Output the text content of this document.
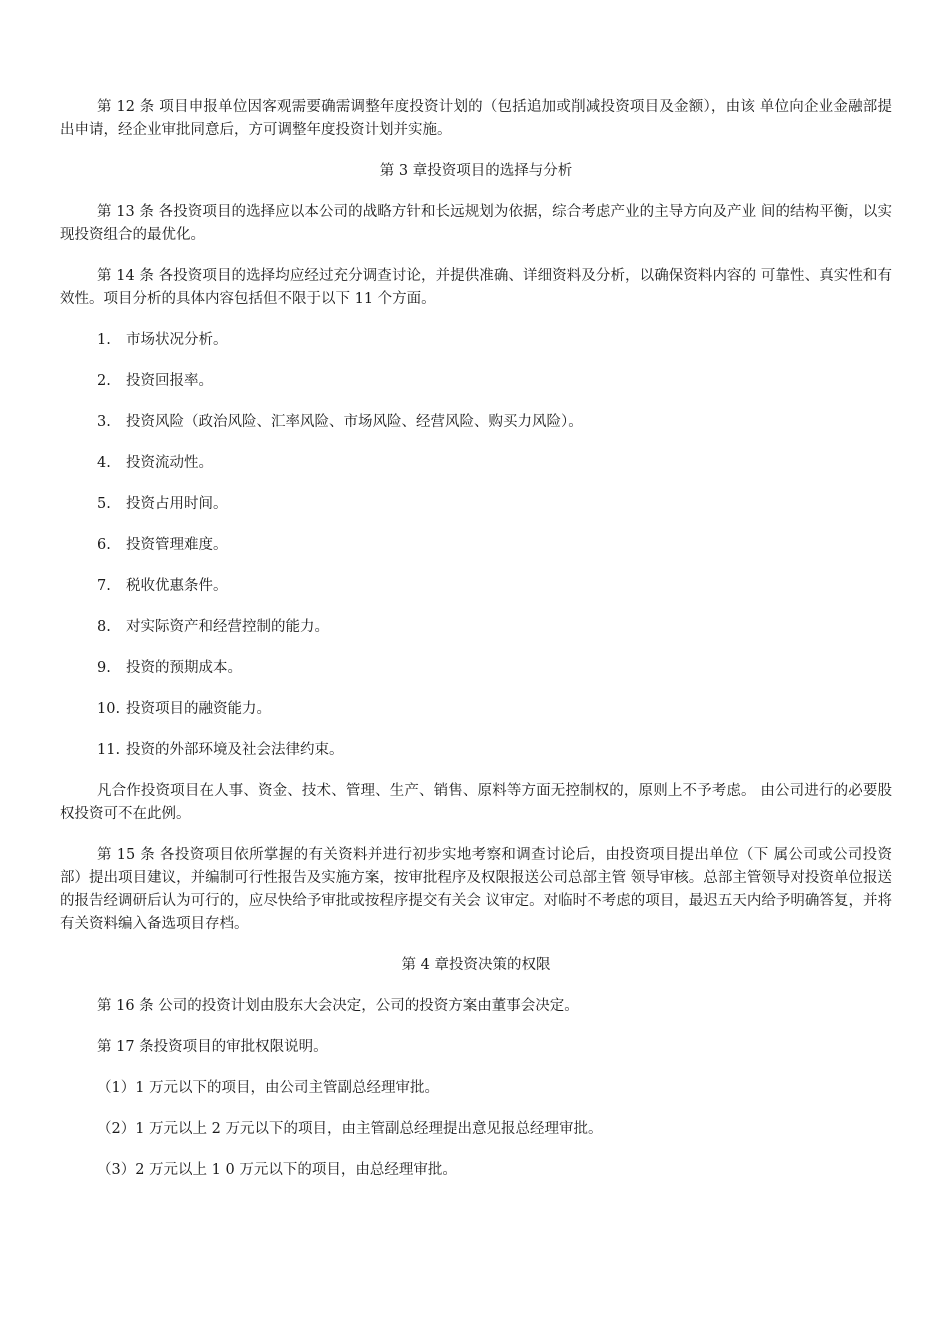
第 12 条 项目申报单位因客观需要确需调整年度投资计划的（包括追加或削减投资项目及金额），由该 单位向企业金融部提出申请，经企业审批同意后，方可调整年度投资计划并实施。

第 3 章投资项目的选择与分析

第 13 条 各投资项目的选择应以本公司的战略方针和长远规划为依据，综合考虑产业的主导方向及产业 间的结构平衡，以实现投资组合的最优化。

第 14 条 各投资项目的选择均应经过充分调查讨论，并提供准确、详细资料及分析，以确保资料内容的 可靠性、真实性和有效性。项目分析的具体内容包括但不限于以下 11 个方面。

1. 市场状况分析。
2. 投资回报率。
3. 投资风险（政治风险、汇率风险、市场风险、经营风险、购买力风险）。
4. 投资流动性。
5. 投资占用时间。
6. 投资管理难度。
7. 税收优惠条件。
8. 对实际资产和经营控制的能力。
9. 投资的预期成本。
10. 投资项目的融资能力。
11. 投资的外部环境及社会法律约束。

凡合作投资项目在人事、资金、技术、管理、生产、销售、原料等方面无控制权的，原则上不予考虑。 由公司进行的必要股权投资可不在此例。

第 15 条 各投资项目依所掌握的有关资料并进行初步实地考察和调查讨论后，由投资项目提出单位（下 属公司或公司投资部）提出项目建议，并编制可行性报告及实施方案，按审批程序及权限报送公司总部主管 领导审核。总部主管领导对投资单位报送的报告经调研后认为可行的，应尽快给予审批或按程序提交有关会 议审定。对临时不考虑的项目，最迟五天内给予明确答复，并将有关资料编入备选项目存档。

第 4 章投资决策的权限

第 16 条 公司的投资计划由股东大会决定，公司的投资方案由董事会决定。

第 17 条投资项目的审批权限说明。

（1）1 万元以下的项目，由公司主管副总经理审批。
（2）1 万元以上 2 万元以下的项目，由主管副总经理提出意见报总经理审批。
（3）2 万元以上 1 0 万元以下的项目，由总经理审批。
